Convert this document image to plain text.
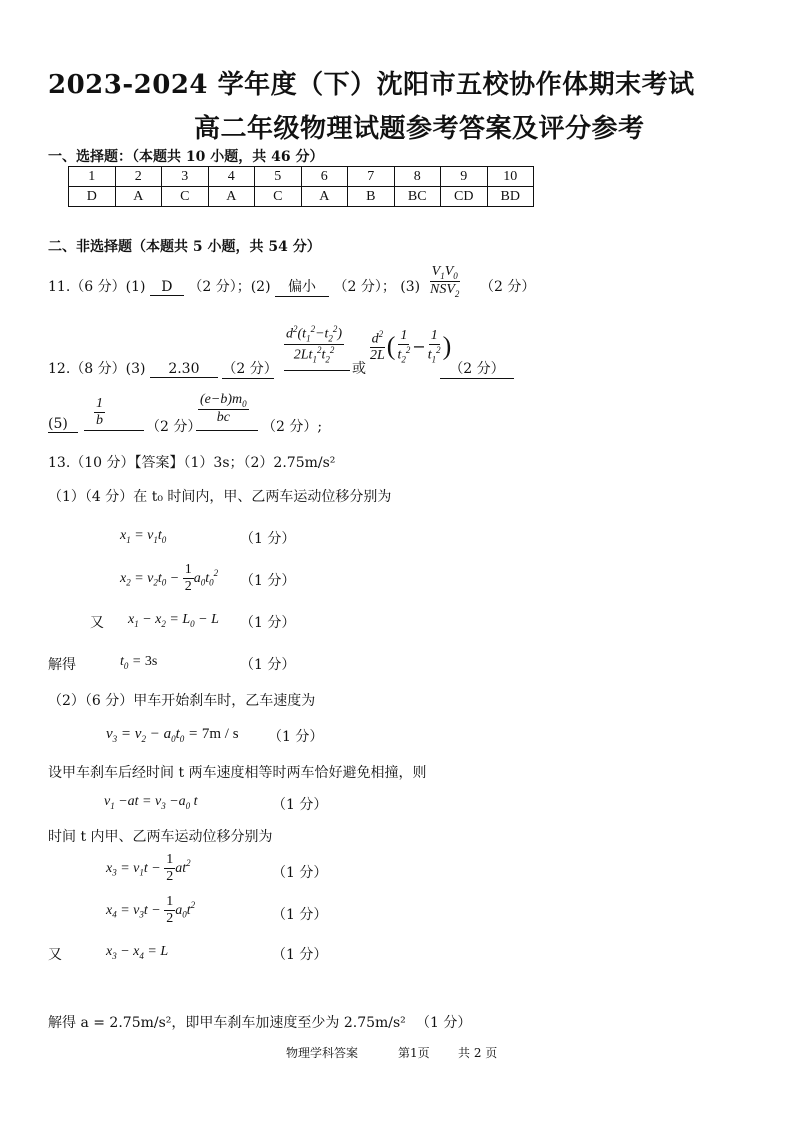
2023-2024 学年度（下）沈阳市五校协作体期末考试
高二年级物理试题参考答案及评分参考
一、选择题：（本题共 10 小题，共 46 分）
1	2	3	4	5	6	7	8	9	10
D	A	C	A	C	A	B	BC	CD	BD
二、非选择题（本题共 5 小题，共 54 分）
11.（6 分）(1) D （2 分）；(2) 偏小 （2 分）； $(3) \frac{V_1V_0}{NSV_2} (2$ 分）
12.（8 分）(3) 2.30 （2 分）
$\frac{d^2(t_1^2-t_2^2)}{2Lt_1^2t_2^2}$
或
$\frac{d^2}{2L}$ ( $\frac{1}{t_2^2} - \frac{1}{t_1^2}$ )
（2 分）
(5)	$\frac{1}{b}$	（2 分）
$\frac{(e-b)m_0}{bc}$
（2 分）;
13.（10 分）【答案】（1）3s；（2）2.75m/s²
（1）（4 分）在 t₀ 时间内，甲、乙两车运动位移分别为
$x_1 = v_1t_0$	（1 分）
$x_2 = v_2t_0 - \frac{1}{2} a_0t_0^2$ （1 分）
又 $x_1 - x_2 = L_0 - L$ （1 分）
解得	$t_0 = 3s$	（1 分）
（2）（6 分）甲车开始刹车时，乙车速度为
$v_3 = v_2 - a_0t_0 = 7m / s$ （1 分）
设甲车刹车后经时间 t 两车速度相等时两车恰好避免相撞，则
$v_1 -at = v_3 -a_0$ t	（1 分）
时间 t 内甲、乙两车运动位移分别为
$x_3 = v_1t - \frac{1}{2} at^2$
（1 分）
$x_4 = v_3t - \frac{1}{2} a_0t^2$
（1 分）
又	$x_3 - x_4 = L$	（1 分）
解得 a = 2.75m/s²，即甲车刹车加速度至少为 2.75m/s² （1 分）
物理学科答案	第1页 共 2 页
